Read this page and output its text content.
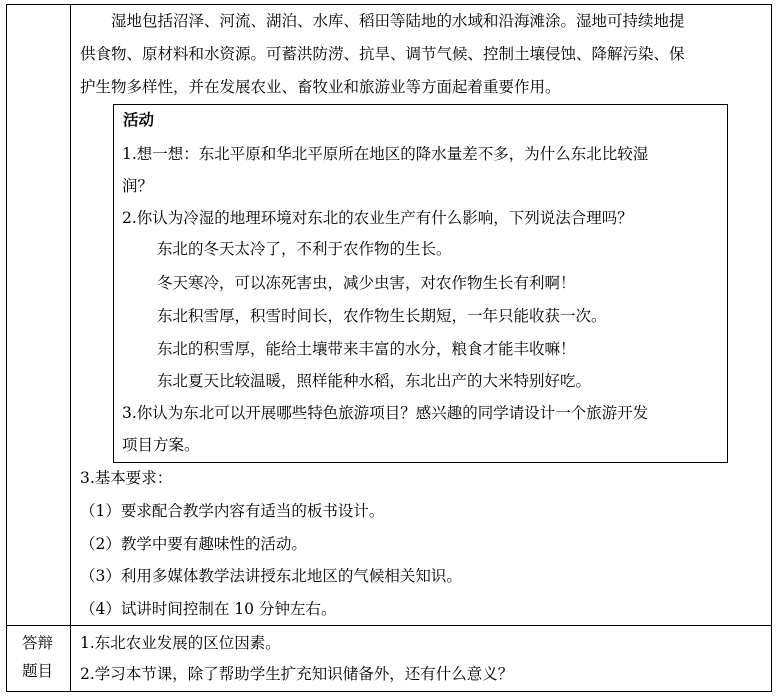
湿地包括沼泽、河流、湖泊、水库、稻田等陆地的水域和沿海滩涂。湿地可持续地提
供食物、原材料和水资源。可蓄洪防涝、抗旱、调节气候、控制土壤侵蚀、降解污染、保
护生物多样性，并在发展农业、畜牧业和旅游业等方面起着重要作用。
活动
1.想一想：东北平原和华北平原所在地区的降水量差不多，为什么东北比较湿
润？
2.你认为冷湿的地理环境对东北的农业生产有什么影响，下列说法合理吗？
东北的冬天太冷了，不利于农作物的生长。
冬天寒冷，可以冻死害虫，减少虫害，对农作物生长有利啊！
东北积雪厚，积雪时间长，农作物生长期短，一年只能收获一次。
东北的积雪厚，能给土壤带来丰富的水分，粮食才能丰收嘛！
东北夏天比较温暖，照样能种水稻，东北出产的大米特别好吃。
3.你认为东北可以开展哪些特色旅游项目？感兴趣的同学请设计一个旅游开发
项目方案。
3.基本要求：
（1）要求配合教学内容有适当的板书设计。
（2）教学中要有趣味性的活动。
（3）利用多媒体教学法讲授东北地区的气候相关知识。
（4）试讲时间控制在 10 分钟左右。
答辩
题目
1.东北农业发展的区位因素。
2.学习本节课，除了帮助学生扩充知识储备外，还有什么意义？
